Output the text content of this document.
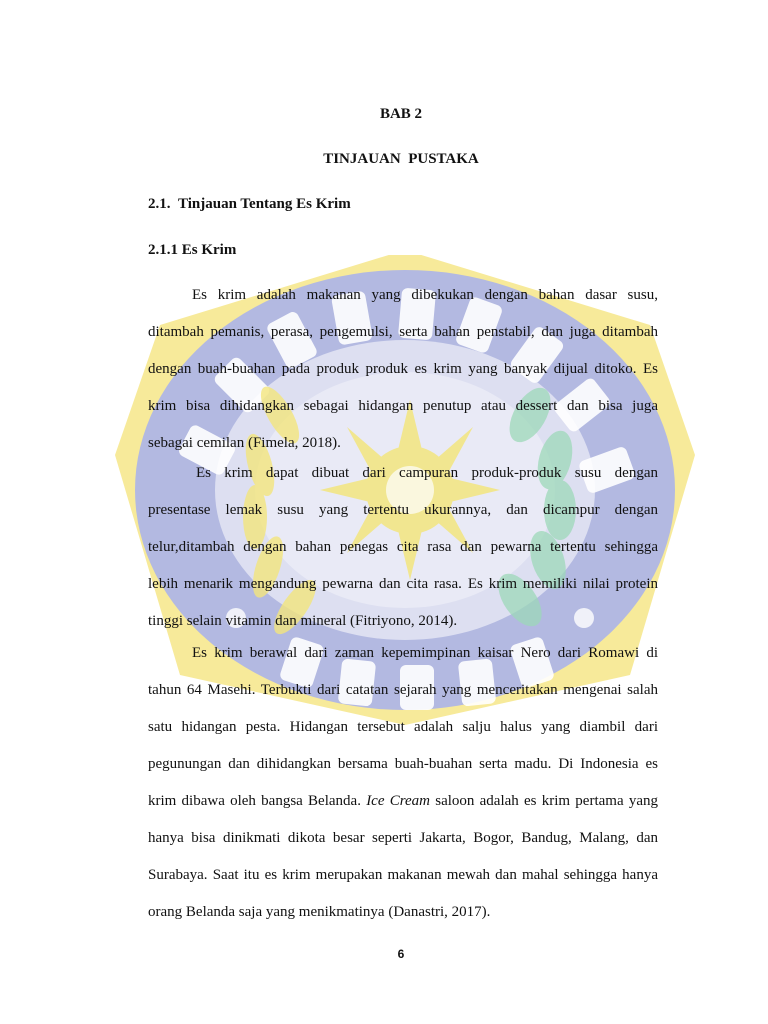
BAB 2

TINJAUAN  PUSTAKA

2.1. Tinjauan Tentang Es Krim

2.1.1 Es Krim

Es krim adalah makanan yang dibekukan dengan bahan dasar susu,
ditambah pemanis, perasa, pengemulsi, serta bahan penstabil, dan juga ditambah
dengan buah-buahan pada produk produk es krim yang banyak dijual ditoko. Es
krim bisa dihidangkan sebagai hidangan penutup atau dessert dan bisa juga
sebagai cemilan (Fimela, 2018).
Es krim dapat dibuat dari campuran produk-produk susu dengan
presentase lemak susu yang tertentu ukurannya, dan dicampur dengan
telur,ditambah dengan bahan penegas cita rasa dan pewarna tertentu sehingga
lebih menarik mengandung pewarna dan cita rasa. Es krim memiliki nilai protein
tinggi selain vitamin dan mineral (Fitriyono, 2014).
Es krim berawal dari zaman kepemimpinan kaisar Nero dari Romawi di
tahun 64 Masehi. Terbukti dari catatan sejarah yang menceritakan mengenai salah
satu hidangan pesta. Hidangan tersebut adalah salju halus yang diambil dari
pegunungan dan dihidangkan bersama buah-buahan serta madu. Di Indonesia es
krim dibawa oleh bangsa Belanda. Ice Cream saloon adalah es krim pertama yang
hanya bisa dinikmati dikota besar seperti Jakarta, Bogor, Bandug, Malang, dan
Surabaya. Saat itu es krim merupakan makanan mewah dan mahal sehingga hanya
orang Belanda saja yang menikmatinya (Danastri, 2017).

6
